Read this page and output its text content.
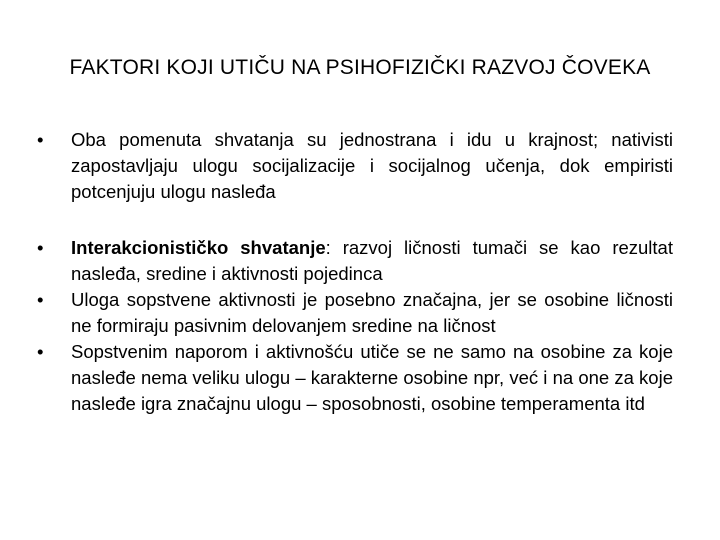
FAKTORI KOJI UTIČU NA PSIHOFIZIČKI RAZVOJ ČOVEKA
•	Oba pomenuta shvatanja su jednostrana i idu u krajnost; nativisti zapostavljaju ulogu socijalizacije i socijalnog učenja, dok empiristi potcenjuju ulogu nasleđa
•	Interakcionističko shvatanje: razvoj ličnosti tumači se kao rezultat nasleđa, sredine i aktivnosti pojedinca
•	Uloga sopstvene aktivnosti je posebno značajna, jer se osobine ličnosti ne formiraju pasivnim delovanjem sredine na ličnost
•	Sopstvenim naporom i aktivnošću utiče se ne samo na osobine za koje nasleđe nema veliku ulogu – karakterne osobine npr, već i na one za koje nasleđe igra značajnu ulogu – sposobnosti, osobine temperamenta itd
